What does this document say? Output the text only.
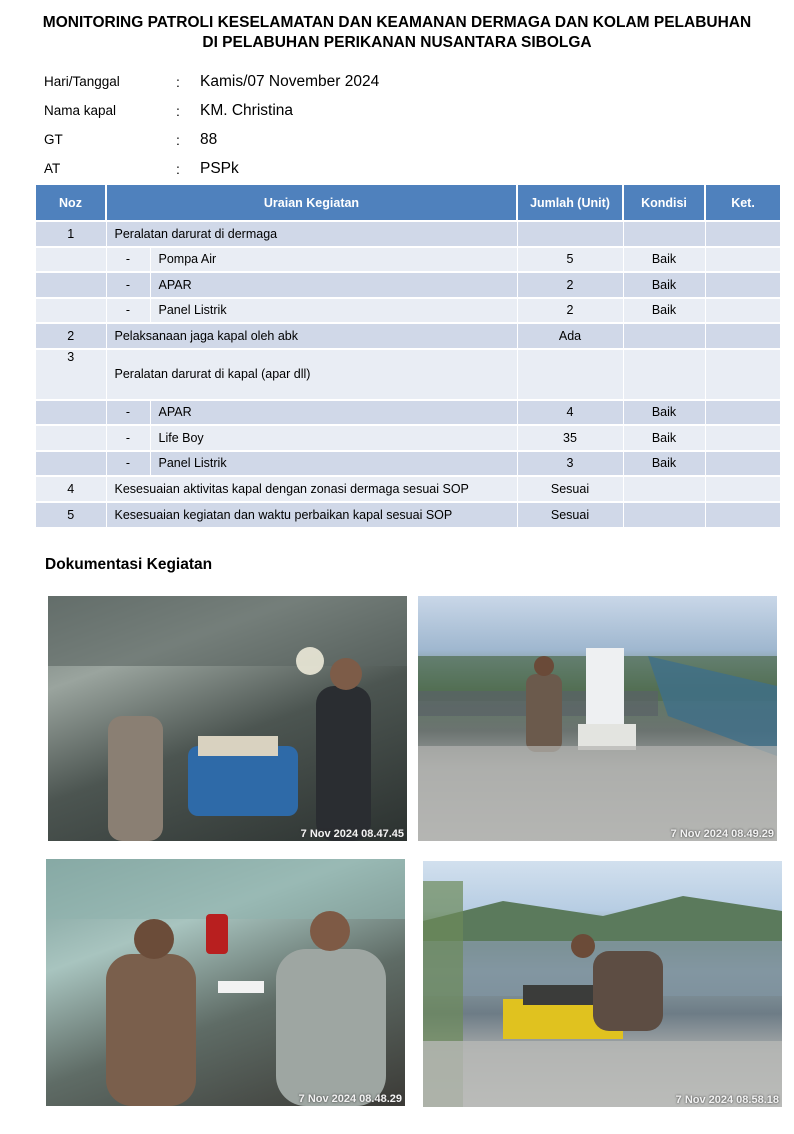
MONITORING PATROLI KESELAMATAN DAN KEAMANAN DERMAGA DAN KOLAM PELABUHAN
DI PELABUHAN PERIKANAN NUSANTARA SIBOLGA
Hari/Tanggal	:	Kamis/07 November 2024
Nama kapal	:	KM. Christina
GT	:	88
AT	:	PSPk
Noz	Uraian Kegiatan		Jumlah (Unit)	Kondisi	Ket.
1	Peralatan darurat di dermaga				
	-	Pompa Air	5	Baik	
	-	APAR	2	Baik	
	-	Panel Listrik	2	Baik	
2	Pelaksanaan jaga kapal oleh abk		Ada		
3	Peralatan darurat di kapal (apar dll)				
	-	APAR	4	Baik	
	-	Life Boy	35	Baik	
	-	Panel Listrik	3	Baik	
4	Kesesuaian aktivitas kapal dengan zonasi dermaga sesuai SOP		Sesuai		
5	Kesesuaian kegiatan dan waktu perbaikan kapal sesuai SOP		Sesuai		
Dokumentasi Kegiatan
7 Nov 2024 08.47.45	7 Nov 2024 08.49.29
7 Nov 2024 08.48.29	7 Nov 2024 08.58.18
